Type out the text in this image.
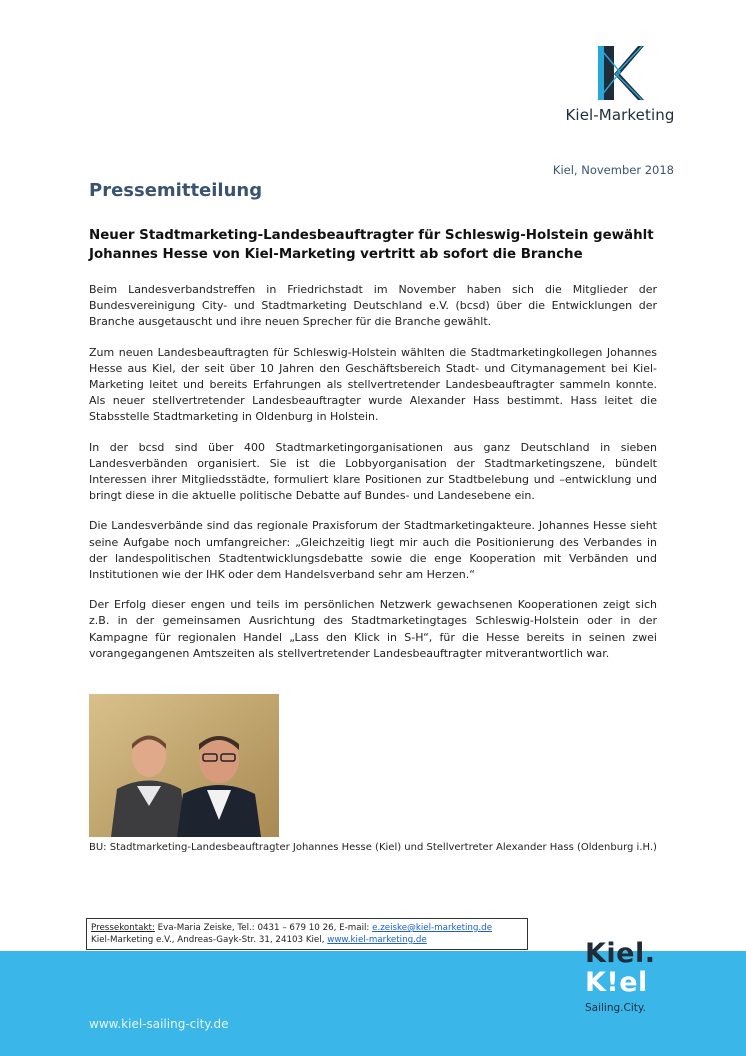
Kiel-Marketing
Kiel, November 2018
Pressemitteilung
Neuer Stadtmarketing-Landesbeauftragter für Schleswig-Holstein gewählt
Johannes Hesse von Kiel-Marketing vertritt ab sofort die Branche

Beim Landesverbandstreffen in Friedrichstadt im November haben sich die Mitglieder der Bundesvereinigung City- und Stadtmarketing Deutschland e.V. (bcsd) über die Entwicklungen der Branche ausgetauscht und ihre neuen Sprecher für die Branche gewählt.

Zum neuen Landesbeauftragten für Schleswig-Holstein wählten die Stadtmarketingkollegen Johannes Hesse aus Kiel, der seit über 10 Jahren den Geschäftsbereich Stadt- und Citymanagement bei Kiel-Marketing leitet und bereits Erfahrungen als stellvertretender Landesbeauftragter sammeln konnte. Als neuer stellvertretender Landesbeauftragter wurde Alexander Hass bestimmt. Hass leitet die Stabsstelle Stadtmarketing in Oldenburg in Holstein.

In der bcsd sind über 400 Stadtmarketingorganisationen aus ganz Deutschland in sieben Landesverbänden organisiert. Sie ist die Lobbyorganisation der Stadtmarketingszene, bündelt Interessen ihrer Mitgliedsstädte, formuliert klare Positionen zur Stadtbelebung und –entwicklung und bringt diese in die aktuelle politische Debatte auf Bundes- und Landesebene ein.

Die Landesverbände sind das regionale Praxisforum der Stadtmarketingakteure. Johannes Hesse sieht seine Aufgabe noch umfangreicher: „Gleichzeitig liegt mir auch die Positionierung des Verbandes in der landespolitischen Stadtentwicklungsdebatte sowie die enge Kooperation mit Verbänden und Institutionen wie der IHK oder dem Handelsverband sehr am Herzen.“

Der Erfolg dieser engen und teils im persönlichen Netzwerk gewachsenen Kooperationen zeigt sich z.B. in der gemeinsamen Ausrichtung des Stadtmarketingtages Schleswig-Holstein oder in der Kampagne für regionalen Handel „Lass den Klick in S-H“, für die Hesse bereits in seinen zwei vorangegangenen Amtszeiten als stellvertretender Landesbeauftragter mitverantwortlich war.

BU: Stadtmarketing-Landesbeauftragter Johannes Hesse (Kiel) und Stellvertreter Alexander Hass (Oldenburg i.H.)
Pressekontakt: Eva-Maria Zeiske, Tel.: 0431 – 679 10 26, E-mail: e.zeiske@kiel-marketing.de
Kiel-Marketing e.V., Andreas-Gayk-Str. 31, 24103 Kiel, www.kiel-marketing.de
www.kiel-sailing-city.de
Kiel.
K!el
Sailing.City.
